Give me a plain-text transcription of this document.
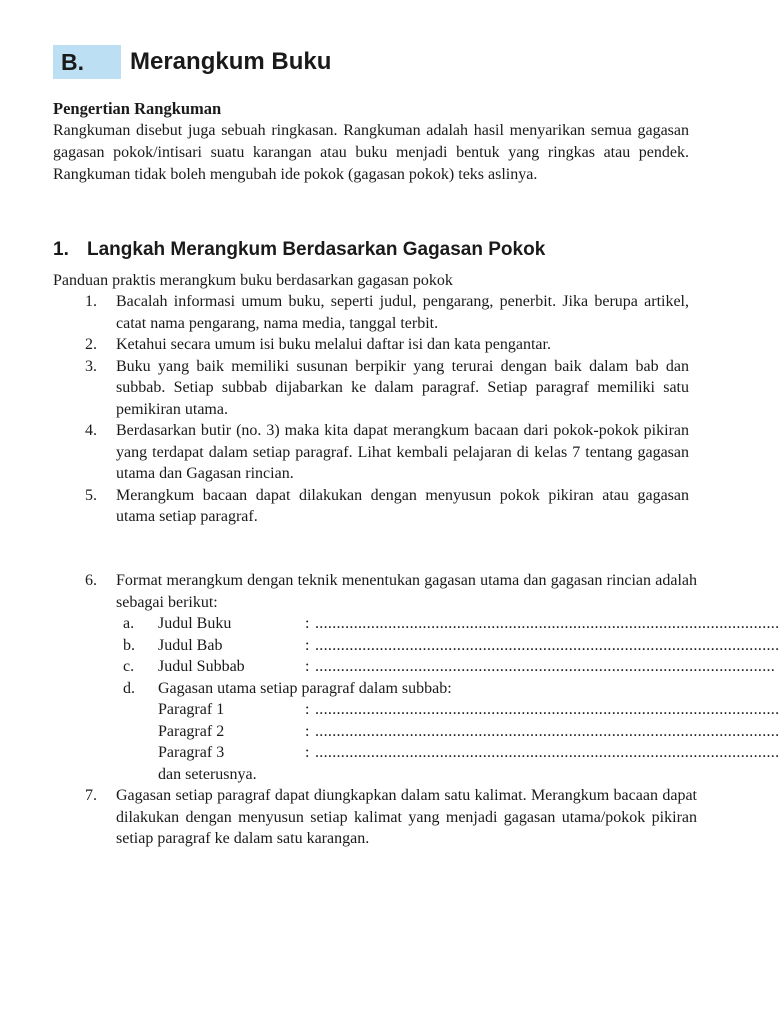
B.	Merangkum Buku
Pengertian Rangkuman
Rangkuman disebut juga sebuah ringkasan. Rangkuman adalah hasil menyarikan semua gagasan gagasan pokok/intisari suatu karangan atau buku menjadi bentuk yang ringkas atau pendek. Rangkuman tidak boleh mengubah ide pokok (gagasan pokok) teks aslinya.
1. Langkah Merangkum Berdasarkan Gagasan Pokok
Panduan praktis merangkum buku berdasarkan gagasan pokok
1. Bacalah informasi umum buku, seperti judul, pengarang, penerbit. Jika berupa artikel, catat nama pengarang, nama media, tanggal terbit.
2. Ketahui secara umum isi buku melalui daftar isi dan kata pengantar.
3. Buku yang baik memiliki susunan berpikir yang terurai dengan baik dalam bab dan subbab. Setiap subbab dijabarkan ke dalam paragraf. Setiap paragraf memiliki satu pemikiran utama.
4. Berdasarkan butir (no. 3) maka kita dapat merangkum bacaan dari pokok-pokok pikiran yang terdapat dalam setiap paragraf. Lihat kembali pelajaran di kelas 7 tentang gagasan utama dan Gagasan rincian.
5. Merangkum bacaan dapat dilakukan dengan menyusun pokok pikiran atau gagasan utama setiap paragraf.
6. Format merangkum dengan teknik menentukan gagasan utama dan gagasan rincian adalah sebagai berikut:
a. Judul Buku	: ............................................................................................................
b. Judul Bab	: ............................................................................................................
c. Judul Subbab	: ...........................................................................................................
d. Gagasan utama setiap paragraf dalam subbab:
Paragraf 1	: ............................................................................................................
Paragraf 2	: ............................................................................................................
Paragraf 3	: ............................................................................................................
dan seterusnya.
7. Gagasan setiap paragraf dapat diungkapkan dalam satu kalimat. Merangkum bacaan dapat dilakukan dengan menyusun setiap kalimat yang menjadi gagasan utama/pokok pikiran setiap paragraf ke dalam satu karangan.
